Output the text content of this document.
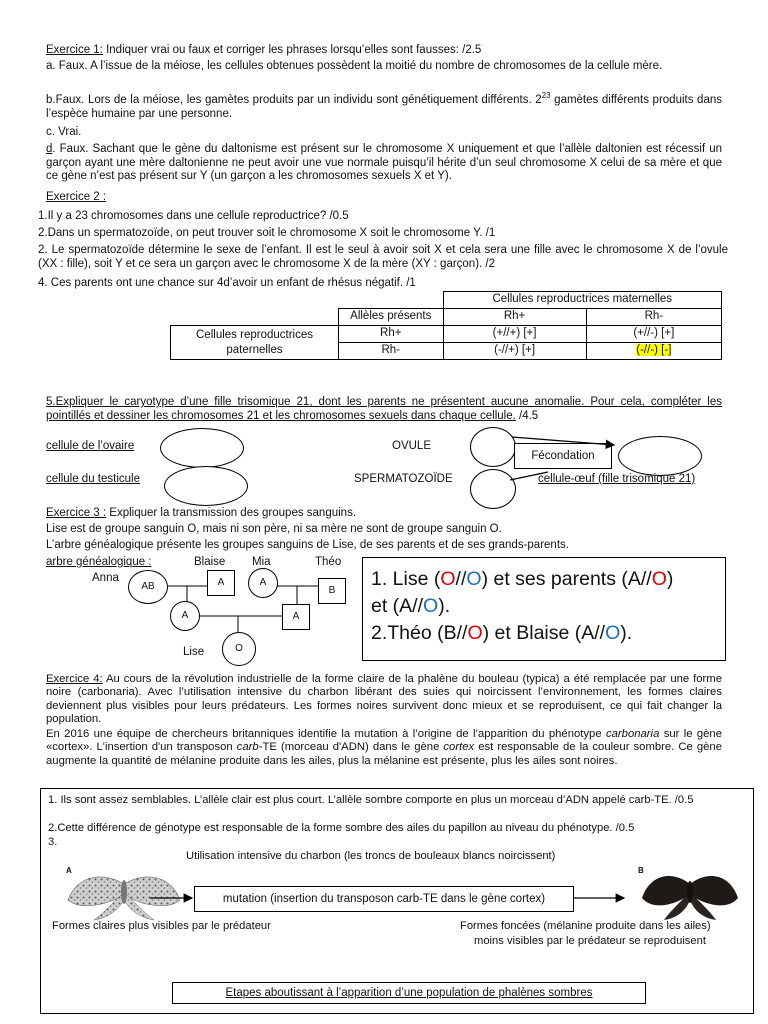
Exercice 1: Indiquer vrai ou faux et corriger les phrases lorsqu’elles sont fausses: /2.5
a. Faux. A l’issue de la méiose, les cellules obtenues possèdent la moitié du nombre de chromosomes de la cellule mère.
b.Faux. Lors de la méiose, les gamètes produits par un individu sont génétiquement différents. $2^{23}$ gamètes différents produits dans l’espèce humaine par une personne.
c. Vrai.
d. Faux. Sachant que le gène du daltonisme est présent sur le chromosome X uniquement et que l’allèle daltonien est récessif un garçon ayant une mère daltonienne ne peut avoir une vue normale puisqu’il hérite d’un seul chromosome X celui de sa mère et que ce gène n’est pas présent sur Y (un garçon a les chromosomes sexuels X et Y).
Exercice 2 :
1.Il y a 23 chromosomes dans une cellule reproductrice? /0.5
2.Dans un spermatozoïde, on peut trouver soit le chromosome X soit le chromosome Y. /1
2. Le spermatozoïde détermine le sexe de l’enfant. Il est le seul à avoir soit X et cela sera une fille avec le chromosome X de l’ovule (XX : fille), soit Y et ce sera un garçon avec le chromosome X de la mère (XY : garçon). /2
4. Ces parents ont une chance sur 4d’avoir un enfant de rhésus négatif. /1
		Cellules reproductrices maternelles	
	Allèles présents	Rh+	Rh-
Cellules reproductrices paternelles	Rh+	(+//+) [+]	(+//-) [+]
	Rh-	(-//+) [+]	(-//-) [-]
5.Expliquer le caryotype d’une fille trisomique 21, dont les parents ne présentent aucune anomalie. Pour cela, compléter les pointillés et dessiner les chromosomes 21 et les chromosomes sexuels dans chaque cellule. /4.5
cellule de l’ovaire	OVULE
Fécondation
cellule du testicule	SPERMATOZOÏDE	cellule-œuf (fille trisomique 21)
Exercice 3 : Expliquer la transmission des groupes sanguins.
Lise est de groupe sanguin O, mais ni son père, ni sa mère ne sont de groupe sanguin O.
L’arbre généalogique présente les groupes sanguins de Lise, de ses parents et de ses grands-parents.
arbre généalogique :
Anna
Blaise Mia	Théo
Lise
AB	A	A
B
A	A
O
1. Lise (O//O) et ses parents (A//O)
et (A//O).
2.Théo (B//O) et Blaise (A//O).
Exercice 4: Au cours de la révolution industrielle de la forme claire de la phalène du bouleau (typica) a été remplacée par une forme noire (carbonaria). Avec l’utilisation intensive du charbon libérant des suies qui noircissent l’environnement, les formes claires deviennent plus visibles pour leurs prédateurs. Les formes noires survivent donc mieux et se reproduisent, ce qui fait changer la population.
En 2016 une équipe de chercheurs britanniques identifie la mutation à l’origine de l’apparition du phénotype carbonaria sur le gène «cortex». L'insertion d'un transposon carb-TE (morceau d'ADN) dans le gène cortex est responsable de la couleur sombre. Ce gène augmente la quantité de mélanine produite dans les ailes, plus la mélanine est présente, plus les ailes sont noires.
1. Ils sont assez semblables. L’allèle clair est plus court. L’allèle sombre comporte en plus un morceau d’ADN appelé carb-TE. /0.5
2.Cette différence de génotype est responsable de la forme sombre des ailes du papillon au niveau du phénotype. /0.5
3.
Utilisation intensive du charbon (les troncs de bouleaux blancs noircissent)
A	B
mutation (insertion du transposon carb-TE dans le gène cortex)
Formes claires plus visibles par le prédateur	Formes foncées (mélanine produite dans les ailes)
moins visibles par le prédateur se reproduisent
Etapes aboutissant à l’apparition d’une population de phalènes sombres
